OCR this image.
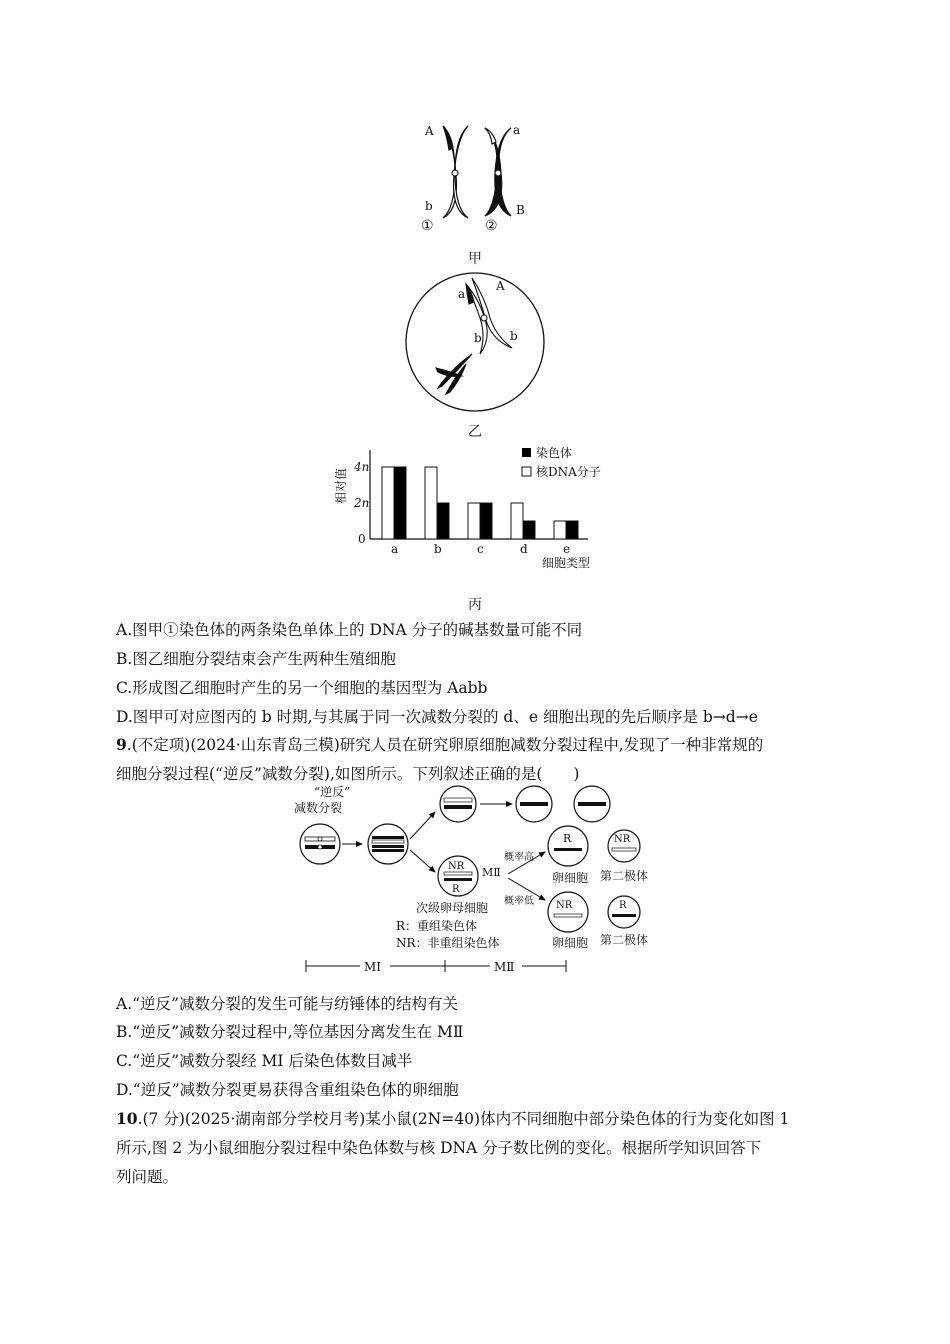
A
b
a
B
①	②
甲
a
A
b b
乙
相对值
4n
2n
0
a	b	c	d	e
染色体
核DNA分子
细胞类型
丙
A.图甲①染色体的两条染色单体上的 DNA 分子的碱基数量可能不同
B.图乙细胞分裂结束会产生两种生殖细胞
C.形成图乙细胞时产生的另一个细胞的基因型为 Aabb
D.图甲可对应图丙的 b 时期,与其属于同一次减数分裂的 d、e 细胞出现的先后顺序是 b→d→e
9.(不定项)(2024·山东青岛三模)研究人员在研究卵原细胞减数分裂过程中,发现了一种非常规的
细胞分裂过程(“逆反”减数分裂),如图所示。下列叙述正确的是(　　)
“逆反”
减数分裂
NR
R
MⅡ
概率高
概率低
R
卵细胞
NR
第二极体
NR
卵细胞
R
第二极体
次级卵母细胞
R：重组染色体
NR：非重组染色体
MⅠ	MⅡ
A.“逆反”减数分裂的发生可能与纺锤体的结构有关
B.“逆反”减数分裂过程中,等位基因分离发生在 MⅡ
C.“逆反”减数分裂经 MⅠ 后染色体数目减半
D.“逆反”减数分裂更易获得含重组染色体的卵细胞
10.(7 分)(2025·湖南部分学校月考)某小鼠(2N=40)体内不同细胞中部分染色体的行为变化如图 1
所示,图 2 为小鼠细胞分裂过程中染色体数与核 DNA 分子数比例的变化。根据所学知识回答下
列问题。
